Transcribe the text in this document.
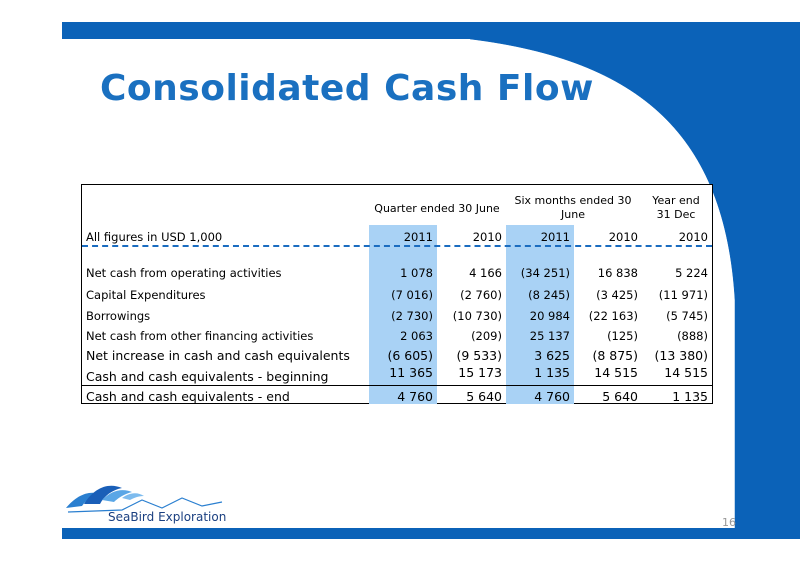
Consolidated Cash Flow
Quarter ended 30 June
Six months ended 30 June
Year end 31 Dec
All figures in USD 1,000	2011	2010	2011	2010	2010
Net cash from operating activities	1 078	4 166	(34 251)	16 838	5 224
Capital Expenditures	(7 016)	(2 760)	(8 245)	(3 425)	(11 971)
Borrowings	(2 730)	(10 730)	20 984	(22 163)	(5 745)
Net cash from other financing activities	2 063	(209)	25 137	(125)	(888)
Net increase in cash and cash equivalents	(6 605)	(9 533)	3 625	(8 875)	(13 380)
Cash and cash equivalents - beginning	11 365	15 173	1 135	14 515	14 515
Cash and cash equivalents - end	4 760	5 640	4 760	5 640	1 135
SeaBird Exploration	16
